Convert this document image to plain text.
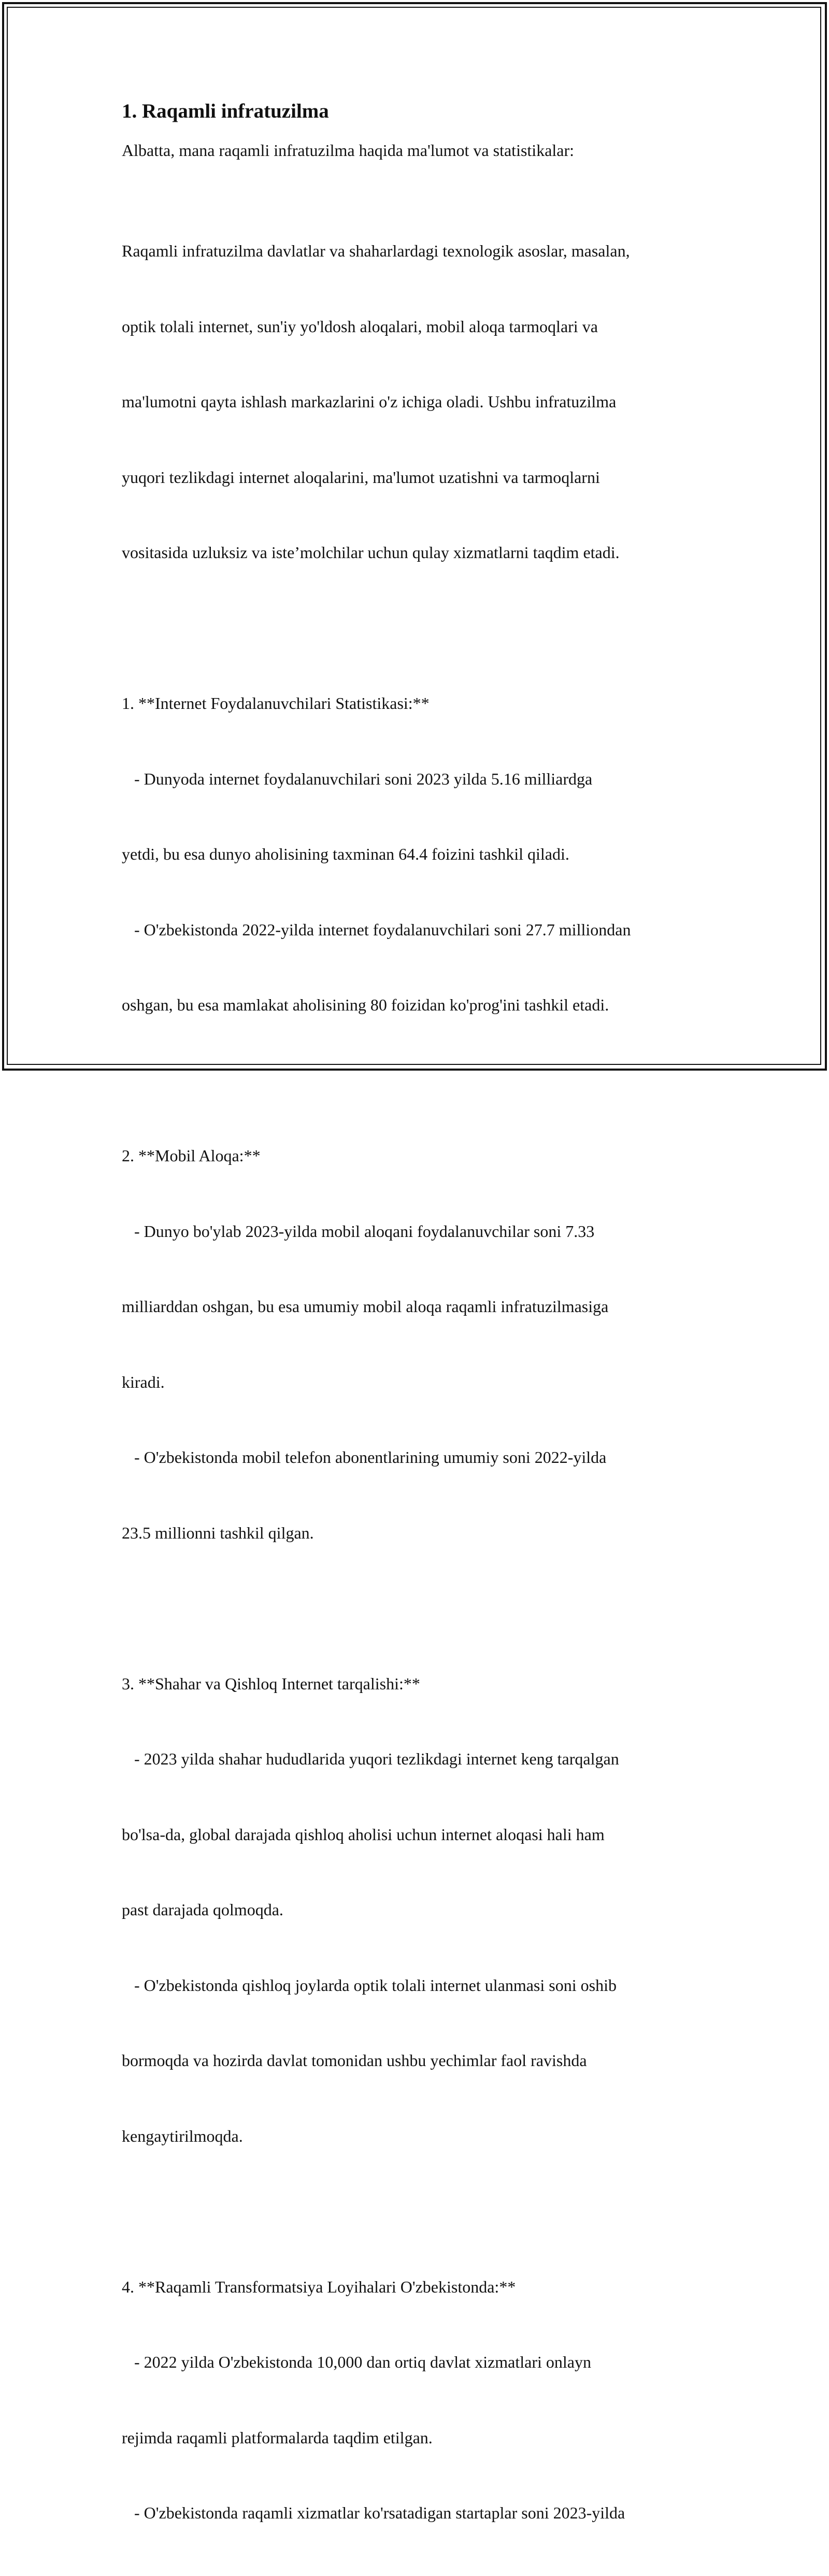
1. Raqamli infratuzilma

Albatta, mana raqamli infratuzilma haqida ma'lumot va statistikalar:

Raqamli infratuzilma davlatlar va shaharlardagi texnologik asoslar, masalan,

optik tolali internet, sun'iy yo'ldosh aloqalari, mobil aloqa tarmoqlari va

ma'lumotni qayta ishlash markazlarini o'z ichiga oladi. Ushbu infratuzilma

yuqori tezlikdagi internet aloqalarini, ma'lumot uzatishni va tarmoqlarni

vositasida uzluksiz va iste’molchilar uchun qulay xizmatlarni taqdim etadi.

1. **Internet Foydalanuvchilari Statistikasi:**

- Dunyoda internet foydalanuvchilari soni 2023 yilda 5.16 milliardga

yetdi, bu esa dunyo aholisining taxminan 64.4 foizini tashkil qiladi.

- O'zbekistonda 2022-yilda internet foydalanuvchilari soni 27.7 milliondan

oshgan, bu esa mamlakat aholisining 80 foizidan ko'prog'ini tashkil etadi.

2. **Mobil Aloqa:**

- Dunyo bo'ylab 2023-yilda mobil aloqani foydalanuvchilar soni 7.33

milliarddan oshgan, bu esa umumiy mobil aloqa raqamli infratuzilmasiga

kiradi.

- O'zbekistonda mobil telefon abonentlarining umumiy soni 2022-yilda

23.5 millionni tashkil qilgan.

3. **Shahar va Qishloq Internet tarqalishi:**

- 2023 yilda shahar hududlarida yuqori tezlikdagi internet keng tarqalgan

bo'lsa-da, global darajada qishloq aholisi uchun internet aloqasi hali ham

past darajada qolmoqda.

- O'zbekistonda qishloq joylarda optik tolali internet ulanmasi soni oshib

bormoqda va hozirda davlat tomonidan ushbu yechimlar faol ravishda

kengaytirilmoqda.

4. **Raqamli Transformatsiya Loyihalari O'zbekistonda:**

- 2022 yilda O'zbekistonda 10,000 dan ortiq davlat xizmatlari onlayn

rejimda raqamli platformalarda taqdim etilgan.

- O'zbekistonda raqamli xizmatlar ko'rsatadigan startaplar soni 2023-yilda
